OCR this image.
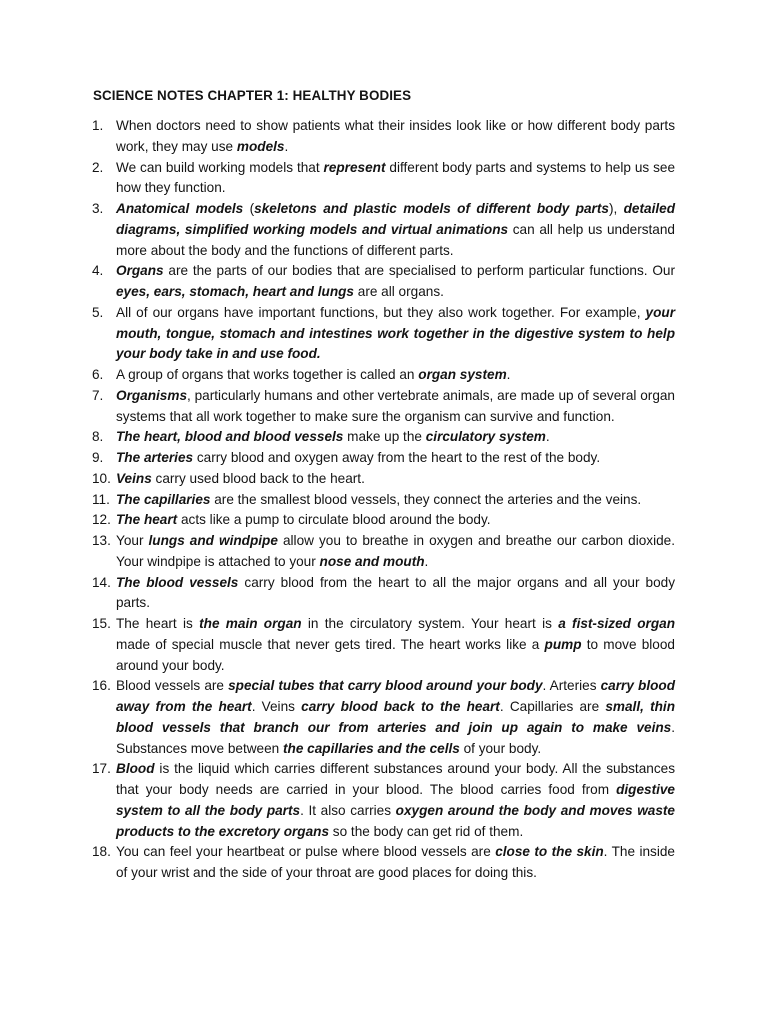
SCIENCE NOTES CHAPTER 1: HEALTHY BODIES
1. When doctors need to show patients what their insides look like or how different body parts work, they may use models.
2. We can build working models that represent different body parts and systems to help us see how they function.
3. Anatomical models (skeletons and plastic models of different body parts), detailed diagrams, simplified working models and virtual animations can all help us understand more about the body and the functions of different parts.
4. Organs are the parts of our bodies that are specialised to perform particular functions. Our eyes, ears, stomach, heart and lungs are all organs.
5. All of our organs have important functions, but they also work together. For example, your mouth, tongue, stomach and intestines work together in the digestive system to help your body take in and use food.
6. A group of organs that works together is called an organ system.
7. Organisms, particularly humans and other vertebrate animals, are made up of several organ systems that all work together to make sure the organism can survive and function.
8. The heart, blood and blood vessels make up the circulatory system.
9. The arteries carry blood and oxygen away from the heart to the rest of the body.
10. Veins carry used blood back to the heart.
11. The capillaries are the smallest blood vessels, they connect the arteries and the veins.
12. The heart acts like a pump to circulate blood around the body.
13. Your lungs and windpipe allow you to breathe in oxygen and breathe our carbon dioxide. Your windpipe is attached to your nose and mouth.
14. The blood vessels carry blood from the heart to all the major organs and all your body parts.
15. The heart is the main organ in the circulatory system. Your heart is a fist-sized organ made of special muscle that never gets tired. The heart works like a pump to move blood around your body.
16. Blood vessels are special tubes that carry blood around your body. Arteries carry blood away from the heart. Veins carry blood back to the heart. Capillaries are small, thin blood vessels that branch our from arteries and join up again to make veins. Substances move between the capillaries and the cells of your body.
17. Blood is the liquid which carries different substances around your body. All the substances that your body needs are carried in your blood. The blood carries food from digestive system to all the body parts. It also carries oxygen around the body and moves waste products to the excretory organs so the body can get rid of them.
18. You can feel your heartbeat or pulse where blood vessels are close to the skin. The inside of your wrist and the side of your throat are good places for doing this.
